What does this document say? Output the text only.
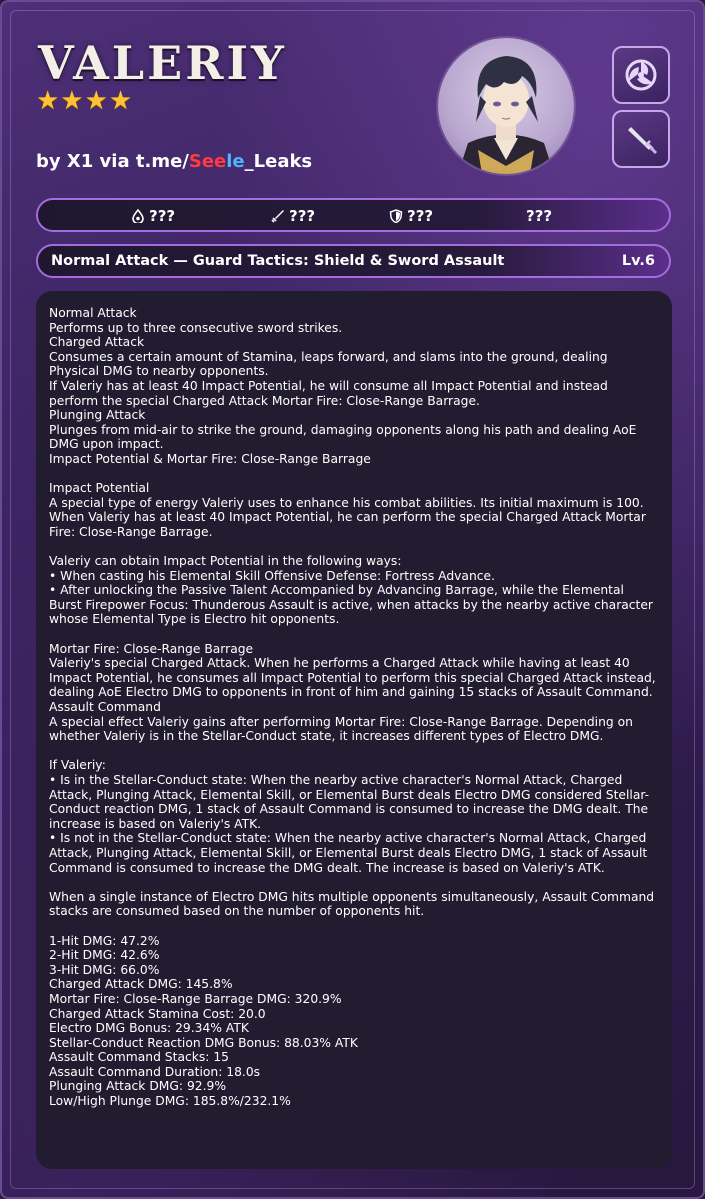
VALERIY
★★★★
by X1 via t.me/Seele_Leaks
???	???	???	???
Normal Attack — Guard Tactics: Shield & Sword Assault	Lv.6
Normal Attack
Performs up to three consecutive sword strikes.
Charged Attack
Consumes a certain amount of Stamina, leaps forward, and slams into the ground, dealing Physical DMG to nearby opponents.
If Valeriy has at least 40 Impact Potential, he will consume all Impact Potential and instead perform the special Charged Attack Mortar Fire: Close-Range Barrage.
Plunging Attack
Plunges from mid-air to strike the ground, damaging opponents along his path and dealing AoE DMG upon impact.
Impact Potential & Mortar Fire: Close-Range Barrage

Impact Potential
A special type of energy Valeriy uses to enhance his combat abilities. Its initial maximum is 100. When Valeriy has at least 40 Impact Potential, he can perform the special Charged Attack Mortar Fire: Close-Range Barrage.

Valeriy can obtain Impact Potential in the following ways:
• When casting his Elemental Skill Offensive Defense: Fortress Advance.
• After unlocking the Passive Talent Accompanied by Advancing Barrage, while the Elemental Burst Firepower Focus: Thunderous Assault is active, when attacks by the nearby active character whose Elemental Type is Electro hit opponents.

Mortar Fire: Close-Range Barrage
Valeriy's special Charged Attack. When he performs a Charged Attack while having at least 40 Impact Potential, he consumes all Impact Potential to perform this special Charged Attack instead, dealing AoE Electro DMG to opponents in front of him and gaining 15 stacks of Assault Command.
Assault Command
A special effect Valeriy gains after performing Mortar Fire: Close-Range Barrage. Depending on whether Valeriy is in the Stellar-Conduct state, it increases different types of Electro DMG.

If Valeriy:
• Is in the Stellar-Conduct state: When the nearby active character's Normal Attack, Charged Attack, Plunging Attack, Elemental Skill, or Elemental Burst deals Electro DMG considered Stellar-Conduct reaction DMG, 1 stack of Assault Command is consumed to increase the DMG dealt. The increase is based on Valeriy's ATK.
• Is not in the Stellar-Conduct state: When the nearby active character's Normal Attack, Charged Attack, Plunging Attack, Elemental Skill, or Elemental Burst deals Electro DMG, 1 stack of Assault Command is consumed to increase the DMG dealt. The increase is based on Valeriy's ATK.

When a single instance of Electro DMG hits multiple opponents simultaneously, Assault Command stacks are consumed based on the number of opponents hit.

1-Hit DMG: 47.2%
2-Hit DMG: 42.6%
3-Hit DMG: 66.0%
Charged Attack DMG: 145.8%
Mortar Fire: Close-Range Barrage DMG: 320.9%
Charged Attack Stamina Cost: 20.0
Electro DMG Bonus: 29.34% ATK
Stellar-Conduct Reaction DMG Bonus: 88.03% ATK
Assault Command Stacks: 15
Assault Command Duration: 18.0s
Plunging Attack DMG: 92.9%
Low/High Plunge DMG: 185.8%/232.1%
